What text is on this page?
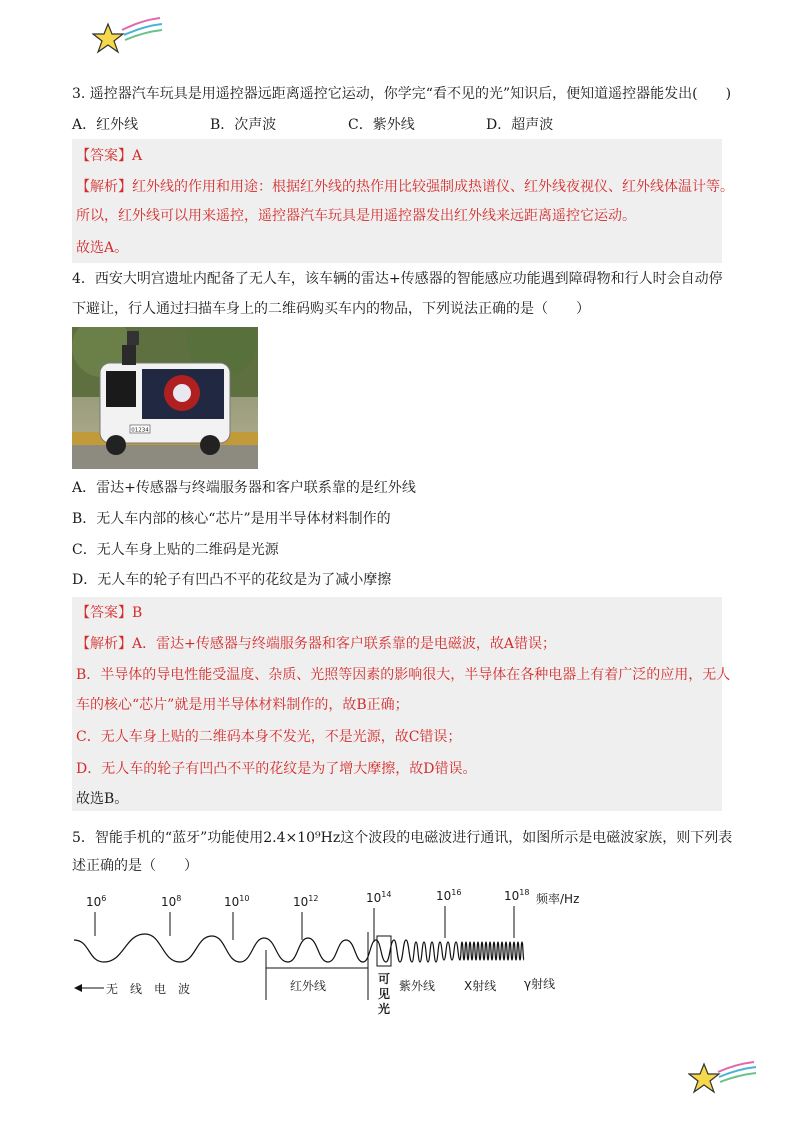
3. 遥控器汽车玩具是用遥控器远距离遥控它运动，你学完“看不见的光”知识后，便知道遥控器能发出(　　)
A．红外线	B．次声波	C．紫外线	D．超声波
【答案】A
【解析】红外线的作用和用途：根据红外线的热作用比较强制成热谱仪、红外线夜视仪、红外线体温计等。
所以，红外线可以用来遥控，遥控器汽车玩具是用遥控器发出红外线来远距离遥控它运动。
故选A。
4．西安大明宫遗址内配备了无人车，该车辆的雷达+传感器的智能感应功能遇到障碍物和行人时会自动停
下避让，行人通过扫描车身上的二维码购买车内的物品，下列说法正确的是（　　）
01234
A．雷达+传感器与终端服务器和客户联系靠的是红外线
B．无人车内部的核心“芯片”是用半导体材料制作的
C．无人车身上贴的二维码是光源
D．无人车的轮子有凹凸不平的花纹是为了减小摩擦
【答案】B
【解析】A．雷达+传感器与终端服务器和客户联系靠的是电磁波，故A错误；
B．半导体的导电性能受温度、杂质、光照等因素的影响很大，半导体在各种电器上有着广泛的应用，无人
车的核心“芯片”就是用半导体材料制作的，故B正确；
C．无人车身上贴的二维码本身不发光，不是光源，故C错误；
D．无人车的轮子有凹凸不平的花纹是为了增大摩擦，故D错误。
故选B。
5．智能手机的“蓝牙”功能使用2.4×10⁹Hz这个波段的电磁波进行通讯，如图所示是电磁波家族，则下列表
述正确的是（　　）
$10^6$	$10^8$	$10^{10}$	$10^{12}$	$10^{14}$	$10^{16}$	$10^{18}$ 频率/Hz
无　线　电　波	红外线	可
见
光
紫外线 X射线 γ射线
